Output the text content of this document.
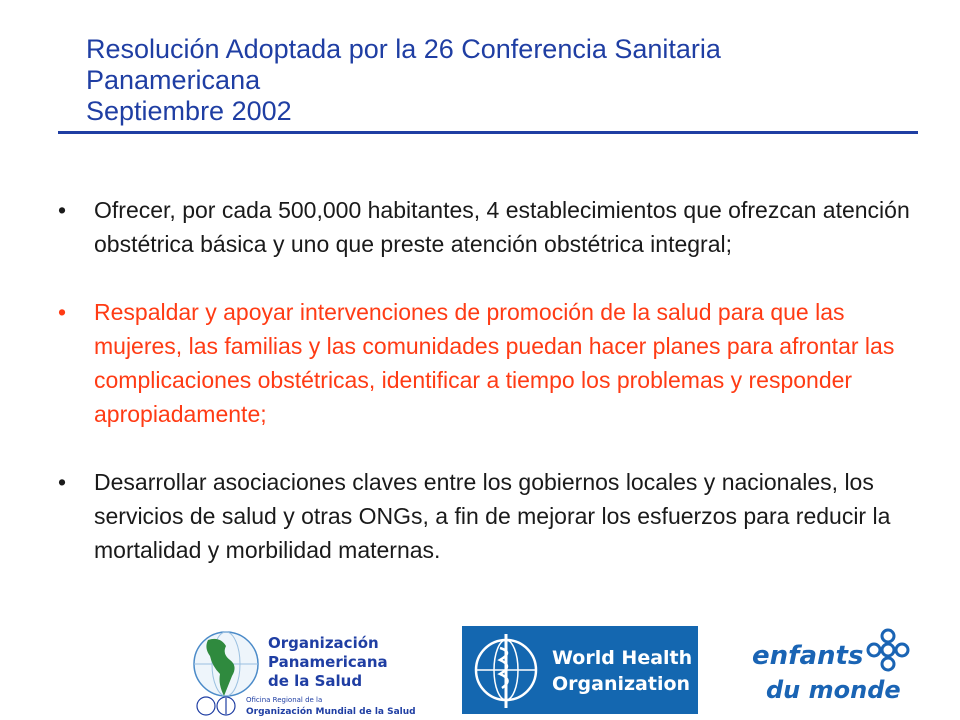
Resolución Adoptada por la 26 Conferencia Sanitaria
Panamericana
Septiembre 2002
• Ofrecer, por cada 500,000 habitantes, 4 establecimientos que ofrezcan atención obstétrica básica y uno que preste atención obstétrica integral;
• Respaldar y apoyar intervenciones de promoción de la salud para que las mujeres, las familias y las comunidades puedan hacer planes para afrontar las complicaciones obstétricas, identificar a tiempo los problemas y responder apropiadamente;
• Desarrollar asociaciones claves entre los gobiernos locales y nacionales, los servicios de salud y otras ONGs, a fin de mejorar los esfuerzos para reducir la mortalidad y morbilidad maternas.
Organización
Panamericana
de la Salud
Oficina Regional de la
Organización Mundial de la Salud
World Health
Organization
enfants
du monde
